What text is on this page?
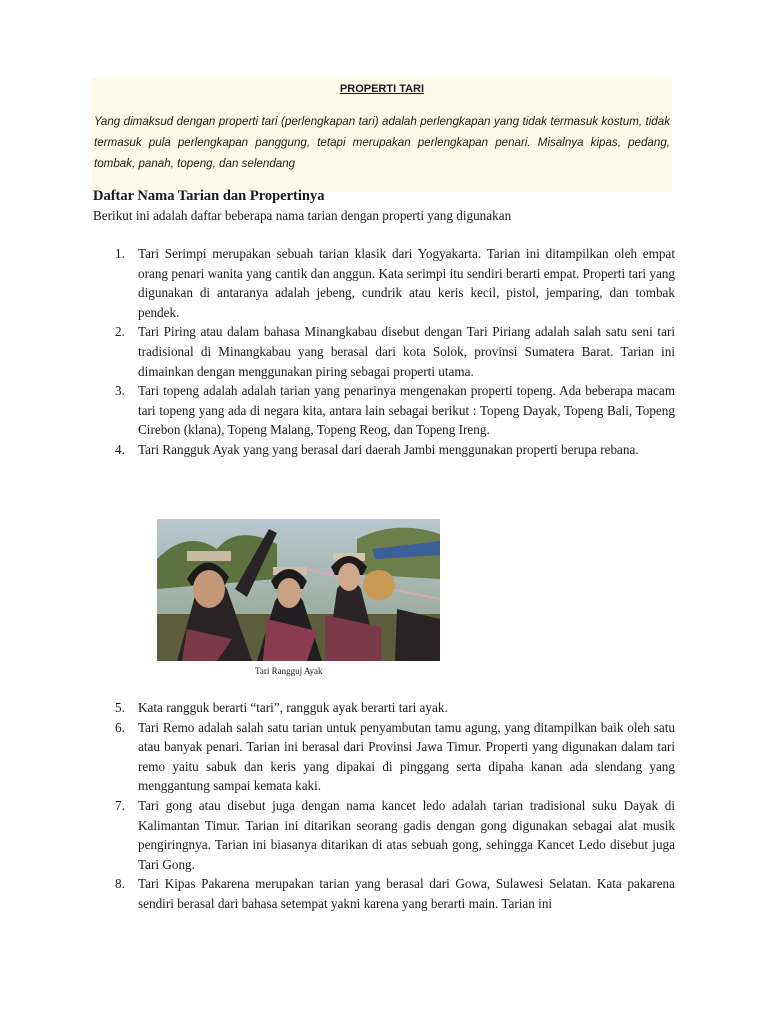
PROPERTI TARI
Yang dimaksud dengan properti tari (perlengkapan tari) adalah perlengkapan yang tidak termasuk kostum, tidak termasuk pula perlengkapan panggung, tetapi merupakan perlengkapan penari. Misalnya kipas, pedang, tombak, panah, topeng, dan selendang
Daftar Nama Tarian dan Propertinya
Berikut ini adalah daftar beberapa nama tarian dengan properti yang digunakan
1. Tari Serimpi merupakan sebuah tarian klasik dari Yogyakarta. Tarian ini ditampilkan oleh empat orang penari wanita yang cantik dan anggun. Kata serimpi itu sendiri berarti empat. Properti tari yang digunakan di antaranya adalah jebeng, cundrik atau keris kecil, pistol, jemparing, dan tombak pendek.
2. Tari Piring atau dalam bahasa Minangkabau disebut dengan Tari Piriang adalah salah satu seni tari tradisional di Minangkabau yang berasal dari kota Solok, provinsi Sumatera Barat. Tarian ini dimainkan dengan menggunakan piring sebagai properti utama.
3. Tari topeng adalah adalah tarian yang penarinya mengenakan properti topeng. Ada beberapa macam tari topeng yang ada di negara kita, antara lain sebagai berikut : Topeng Dayak, Topeng Bali, Topeng Cirebon (klana), Topeng Malang, Topeng Reog, dan Topeng Ireng.
4. Tari Rangguk Ayak yang yang berasal dari daerah Jambi menggunakan properti berupa rebana.
Tari Rangguj Ayak
5. Kata rangguk berarti “tari”, rangguk ayak berarti tari ayak.
6. Tari Remo adalah salah satu tarian untuk penyambutan tamu agung, yang ditampilkan baik oleh satu atau banyak penari. Tarian ini berasal dari Provinsi Jawa Timur. Properti yang digunakan dalam tari remo yaitu sabuk dan keris yang dipakai di pinggang serta dipaha kanan ada slendang yang menggantung sampai kemata kaki.
7. Tari gong atau disebut juga dengan nama kancet ledo adalah tarian tradisional suku Dayak di Kalimantan Timur. Tarian ini ditarikan seorang gadis dengan gong digunakan sebagai alat musik pengiringnya. Tarian ini biasanya ditarikan di atas sebuah gong, sehingga Kancet Ledo disebut juga Tari Gong.
8. Tari Kipas Pakarena merupakan tarian yang berasal dari Gowa, Sulawesi Selatan. Kata pakarena sendiri berasal dari bahasa setempat yakni karena yang berarti main. Tarian ini
